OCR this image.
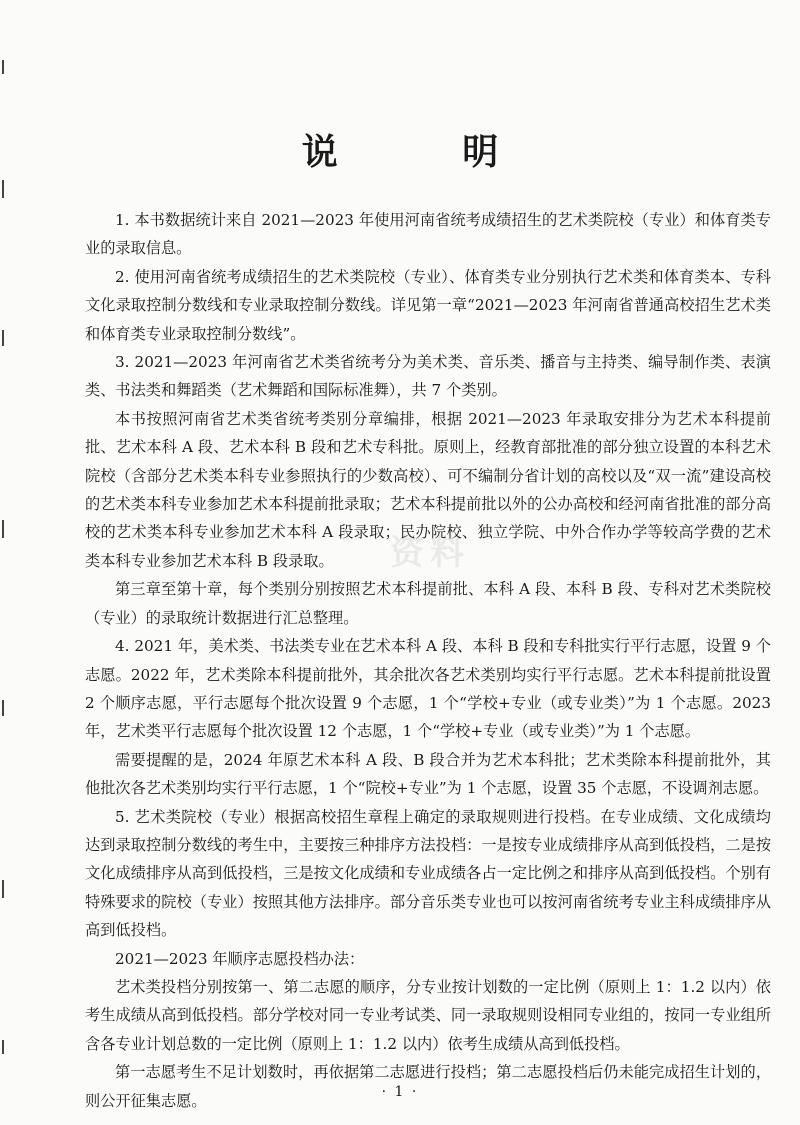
资料
说 明

1. 本书数据统计来自 2021—2023 年使用河南省统考成绩招生的艺术类院校（专业）和体育类专业的录取信息。

2. 使用河南省统考成绩招生的艺术类院校（专业）、体育类专业分别执行艺术类和体育类本、专科文化录取控制分数线和专业录取控制分数线。详见第一章“2021—2023 年河南省普通高校招生艺术类和体育类专业录取控制分数线”。

3. 2021—2023 年河南省艺术类省统考分为美术类、音乐类、播音与主持类、编导制作类、表演类、书法类和舞蹈类（艺术舞蹈和国际标准舞），共 7 个类别。

本书按照河南省艺术类省统考类别分章编排，根据 2021—2023 年录取安排分为艺术本科提前批、艺术本科 A 段、艺术本科 B 段和艺术专科批。原则上，经教育部批准的部分独立设置的本科艺术院校（含部分艺术类本科专业参照执行的少数高校）、可不编制分省计划的高校以及“双一流”建设高校的艺术类本科专业参加艺术本科提前批录取；艺术本科提前批以外的公办高校和经河南省批准的部分高校的艺术类本科专业参加艺术本科 A 段录取；民办院校、独立学院、中外合作办学等较高学费的艺术类本科专业参加艺术本科 B 段录取。

第三章至第十章，每个类别分别按照艺术本科提前批、本科 A 段、本科 B 段、专科对艺术类院校（专业）的录取统计数据进行汇总整理。

4. 2021 年，美术类、书法类专业在艺术本科 A 段、本科 B 段和专科批实行平行志愿，设置 9 个志愿。2022 年，艺术类除本科提前批外，其余批次各艺术类别均实行平行志愿。艺术本科提前批设置 2 个顺序志愿，平行志愿每个批次设置 9 个志愿，1 个“学校+专业（或专业类）”为 1 个志愿。2023 年，艺术类平行志愿每个批次设置 12 个志愿，1 个“学校+专业（或专业类）”为 1 个志愿。

需要提醒的是，2024 年原艺术本科 A 段、B 段合并为艺术本科批；艺术类除本科提前批外，其他批次各艺术类别均实行平行志愿，1 个“院校+专业”为 1 个志愿，设置 35 个志愿，不设调剂志愿。

5. 艺术类院校（专业）根据高校招生章程上确定的录取规则进行投档。在专业成绩、文化成绩均达到录取控制分数线的考生中，主要按三种排序方法投档：一是按专业成绩排序从高到低投档，二是按文化成绩排序从高到低投档，三是按文化成绩和专业成绩各占一定比例之和排序从高到低投档。个别有特殊要求的院校（专业）按照其他方法排序。部分音乐类专业也可以按河南省统考专业主科成绩排序从高到低投档。

2021—2023 年顺序志愿投档办法：

艺术类投档分别按第一、第二志愿的顺序，分专业按计划数的一定比例（原则上 1：1.2 以内）依考生成绩从高到低投档。部分学校对同一专业考试类、同一录取规则设相同专业组的，按同一专业组所含各专业计划总数的一定比例（原则上 1：1.2 以内）依考生成绩从高到低投档。

第一志愿考生不足计划数时，再依据第二志愿进行投档；第二志愿投档后仍未能完成招生计划的，则公开征集志愿。	· 1 ·
